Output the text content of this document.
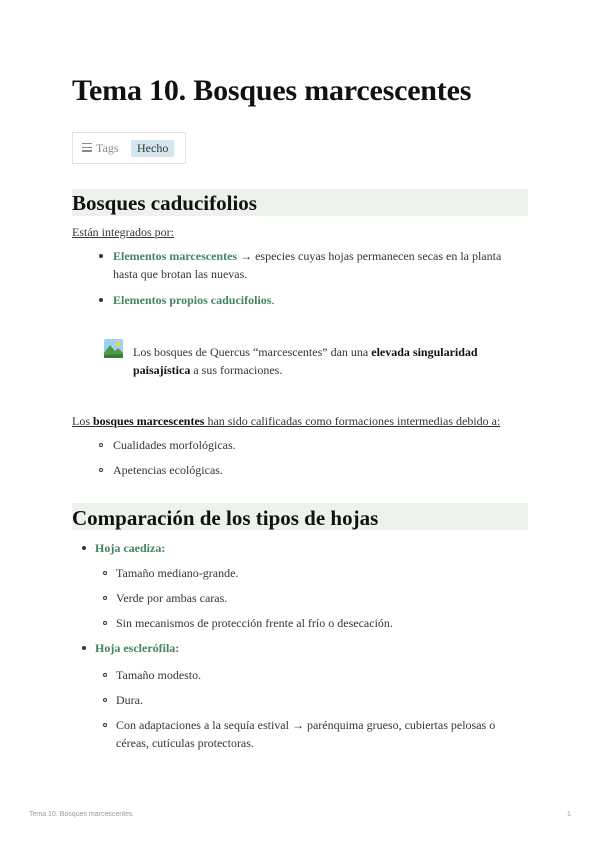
Tema 10. Bosques marcescentes
Tags	Hecho
Bosques caducifolios
Están integrados por:
Elementos marcescentes → especies cuyas hojas permanecen secas en la planta
hasta que brotan las nuevas.
Elementos propios caducifolios.
Los bosques de Quercus “marcescentes” dan una elevada singularidad
paisajística a sus formaciones.
Los bosques marcescentes han sido calificadas como formaciones intermedias debido a:
Cualidades morfológicas.
Apetencias ecológicas.
Comparación de los tipos de hojas
Hoja caediza:
Tamaño mediano-grande.
Verde por ambas caras.
Sin mecanismos de protección frente al frío o desecación.
Hoja esclerófila:
Tamaño modesto.
Dura.
Con adaptaciones a la sequía estival → parénquima grueso, cubiertas pelosas o
céreas, cutículas protectoras.
Tema 10. Bosques marcescentes	1
